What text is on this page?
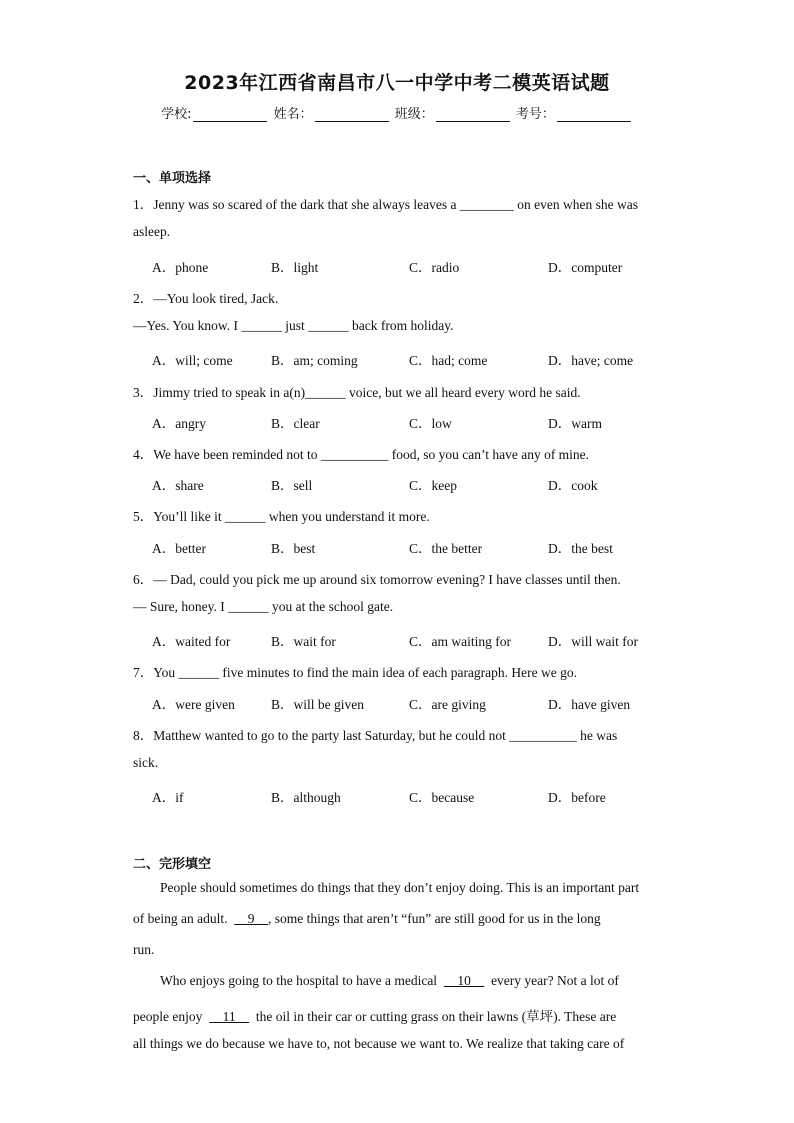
2023年江西省南昌市八一中学中考二模英语试题
学校:	姓名：	班级：	考号：
一、单项选择
1．Jenny was so scared of the dark that she always leaves a ________ on even when she was
asleep.
A．phone	B．light	C．radio	D．computer
2．—You look tired, Jack.
—Yes. You know. I ______ just ______ back from holiday.
A．will; come	B．am; coming	C．had; come	D．have; come
3．Jimmy tried to speak in a(n)______ voice, but we all heard every word he said.
A．angry	B．clear	C．low	D．warm
4．We have been reminded not to __________ food, so you can’t have any of mine.
A．share	B．sell	C．keep	D．cook
5．You’ll like it ______ when you understand it more.
A．better	B．best	C．the better	D．the best
6．— Dad, could you pick me up around six tomorrow evening? I have classes until then.
— Sure, honey. I ______ you at the school gate.
A．waited for	B．wait for	C．am waiting for	D．will wait for
7．You ______ five minutes to find the main idea of each paragraph. Here we go.
A．were given	B．will be given	C．are giving	D．have given
8．Matthew wanted to go to the party last Saturday, but he could not __________ he was
sick.
A．if	B．although	C．because	D．before
二、完形填空
People should sometimes do things that they don’t enjoy doing. This is an important part
of being an adult.      9    , some things that aren’t “fun” are still good for us in the long
run.
Who enjoys going to the hospital to have a medical      10      every year? Not a lot of
people enjoy      11      the oil in their car or cutting grass on their lawns (草坪). These are
all things we do because we have to, not because we want to. We realize that taking care of
